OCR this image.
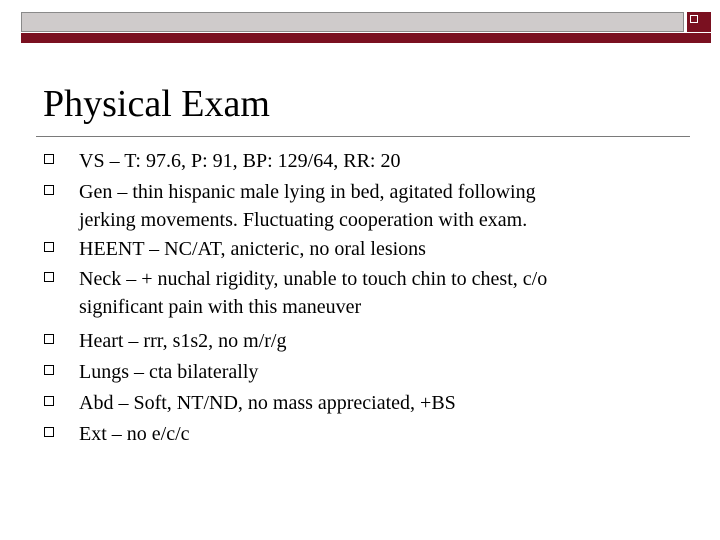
Physical Exam
VS – T: 97.6, P: 91, BP: 129/64, RR: 20
Gen – thin hispanic male lying in bed, agitated following
jerking movements. Fluctuating cooperation with exam.
HEENT – NC/AT, anicteric, no oral lesions
Neck – + nuchal rigidity, unable to touch chin to chest, c/o
significant pain with this maneuver
Heart – rrr, s1s2, no m/r/g
Lungs – cta bilaterally
Abd – Soft, NT/ND, no mass appreciated, +BS
Ext – no e/c/c
